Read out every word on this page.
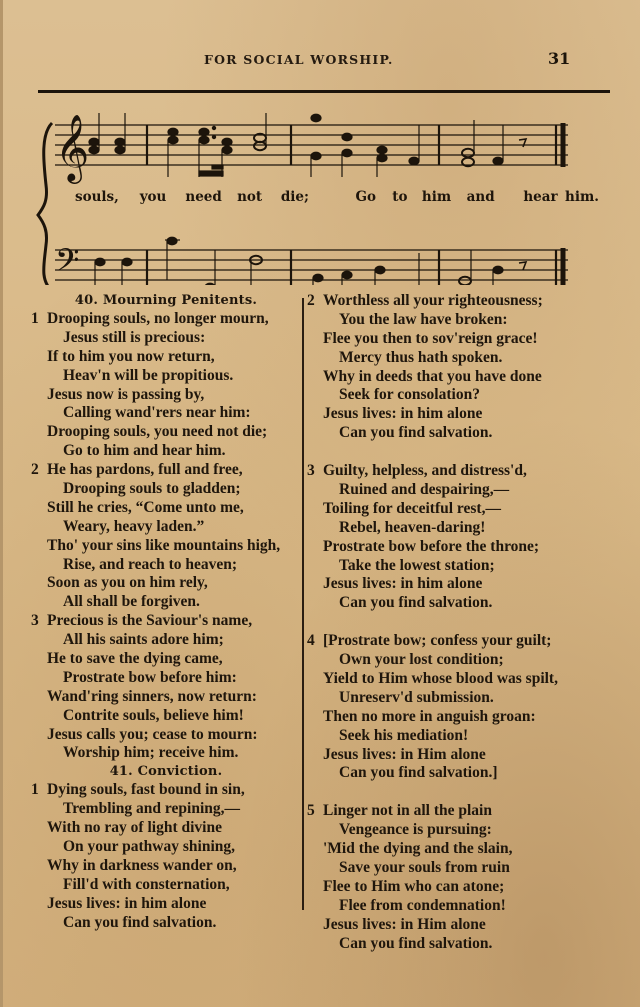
FOR SOCIAL WORSHIP.	31
𝄞
𝄢
souls, you need not die;	Go to him and hear him.
40. Mourning Penitents.
1 Drooping souls, no longer mourn,
Jesus still is precious:
If to him you now return,
Heav'n will be propitious.
Jesus now is passing by,
Calling wand'rers near him:
Drooping souls, you need not die;
Go to him and hear him.
2 He has pardons, full and free,
Drooping souls to gladden;
Still he cries, “Come unto me,
Weary, heavy laden.”
Tho' your sins like mountains high,
Rise, and reach to heaven;
Soon as you on him rely,
All shall be forgiven.
3 Precious is the Saviour's name,
All his saints adore him;
He to save the dying came,
Prostrate bow before him:
Wand'ring sinners, now return:
Contrite souls, believe him!
Jesus calls you; cease to mourn:
Worship him; receive him.
41. Conviction.
1 Dying souls, fast bound in sin,
Trembling and repining,—
With no ray of light divine
On your pathway shining,
Why in darkness wander on,
Fill'd with consternation,
Jesus lives: in him alone
Can you find salvation.
2 Worthless all your righteousness;
You the law have broken:
Flee you then to sov'reign grace!
Mercy thus hath spoken.
Why in deeds that you have done
Seek for consolation?
Jesus lives: in him alone
Can you find salvation.
3 Guilty, helpless, and distress'd,
Ruined and despairing,—
Toiling for deceitful rest,—
Rebel, heaven-daring!
Prostrate bow before the throne;
Take the lowest station;
Jesus lives: in him alone
Can you find salvation.
4 [Prostrate bow; confess your guilt;
Own your lost condition;
Yield to Him whose blood was spilt,
Unreserv'd submission.
Then no more in anguish groan:
Seek his mediation!
Jesus lives: in Him alone
Can you find salvation.]
5 Linger not in all the plain
Vengeance is pursuing:
'Mid the dying and the slain,
Save your souls from ruin
Flee to Him who can atone;
Flee from condemnation!
Jesus lives: in Him alone
Can you find salvation.
